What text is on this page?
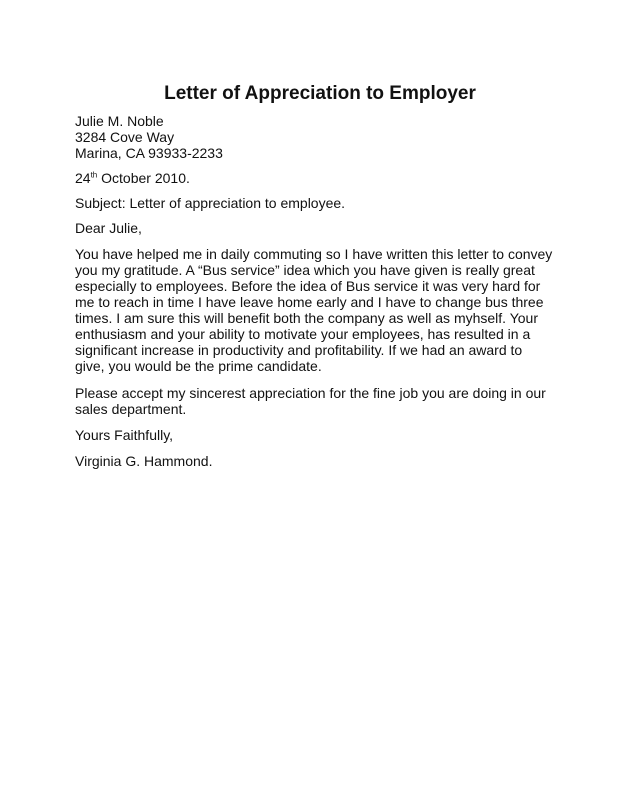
Letter of Appreciation to Employer
Julie M. Noble
3284 Cove Way
Marina, CA 93933-2233
24th October 2010.
Subject: Letter of appreciation to employee.
Dear Julie,
You have helped me in daily commuting so I have written this letter to convey you my gratitude. A “Bus service” idea which you have given is really great especially to employees. Before the idea of Bus service it was very hard for me to reach in time I have leave home early and I have to change bus three times. I am sure this will benefit both the company as well as myhself. Your enthusiasm and your ability to motivate your employees, has resulted in a significant increase in productivity and profitability. If we had an award to give, you would be the prime candidate.
Please accept my sincerest appreciation for the fine job you are doing in our sales department.
Yours Faithfully,
Virginia G. Hammond.
